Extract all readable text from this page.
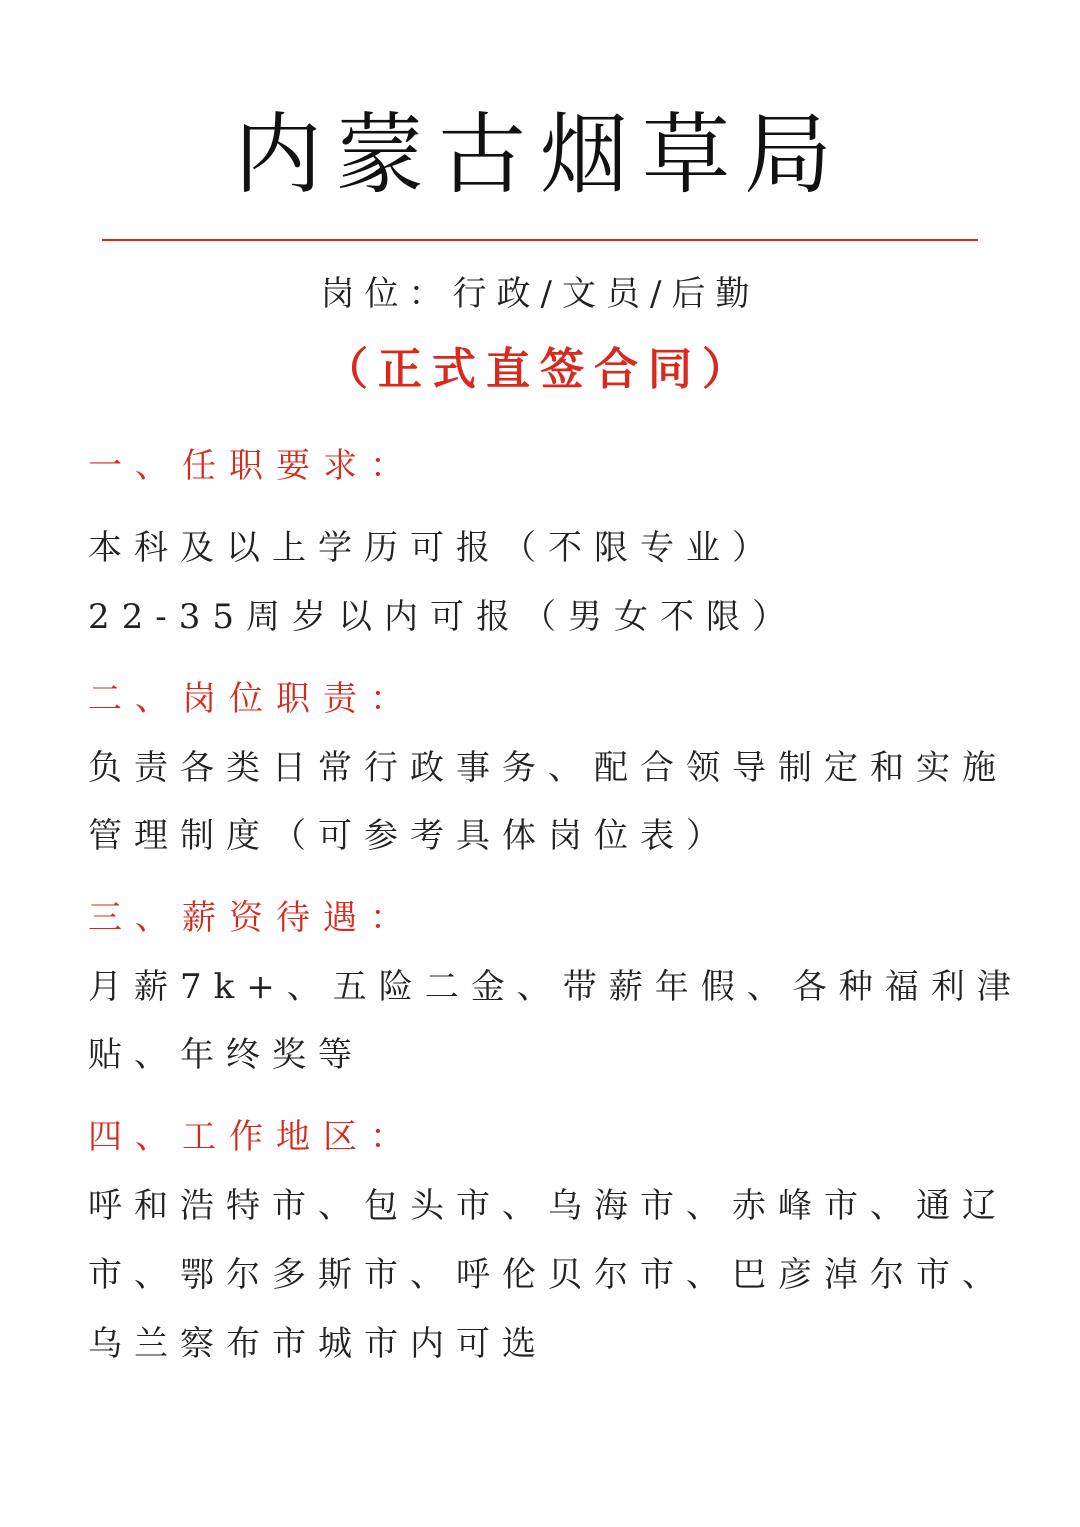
内蒙古烟草局
岗位：行政/文员/后勤
（正式直签合同）
一、任职要求：
本科及以上学历可报（不限专业）
22-35周岁以内可报（男女不限）
二、岗位职责：
负责各类日常行政事务、配合领导制定和实施
管理制度（可参考具体岗位表）
三、薪资待遇：
月薪7k+、五险二金、带薪年假、各种福利津
贴、年终奖等
四、工作地区：
呼和浩特市、包头市、乌海市、赤峰市、通辽
市、鄂尔多斯市、呼伦贝尔市、巴彦淖尔市、
乌兰察布市城市内可选
